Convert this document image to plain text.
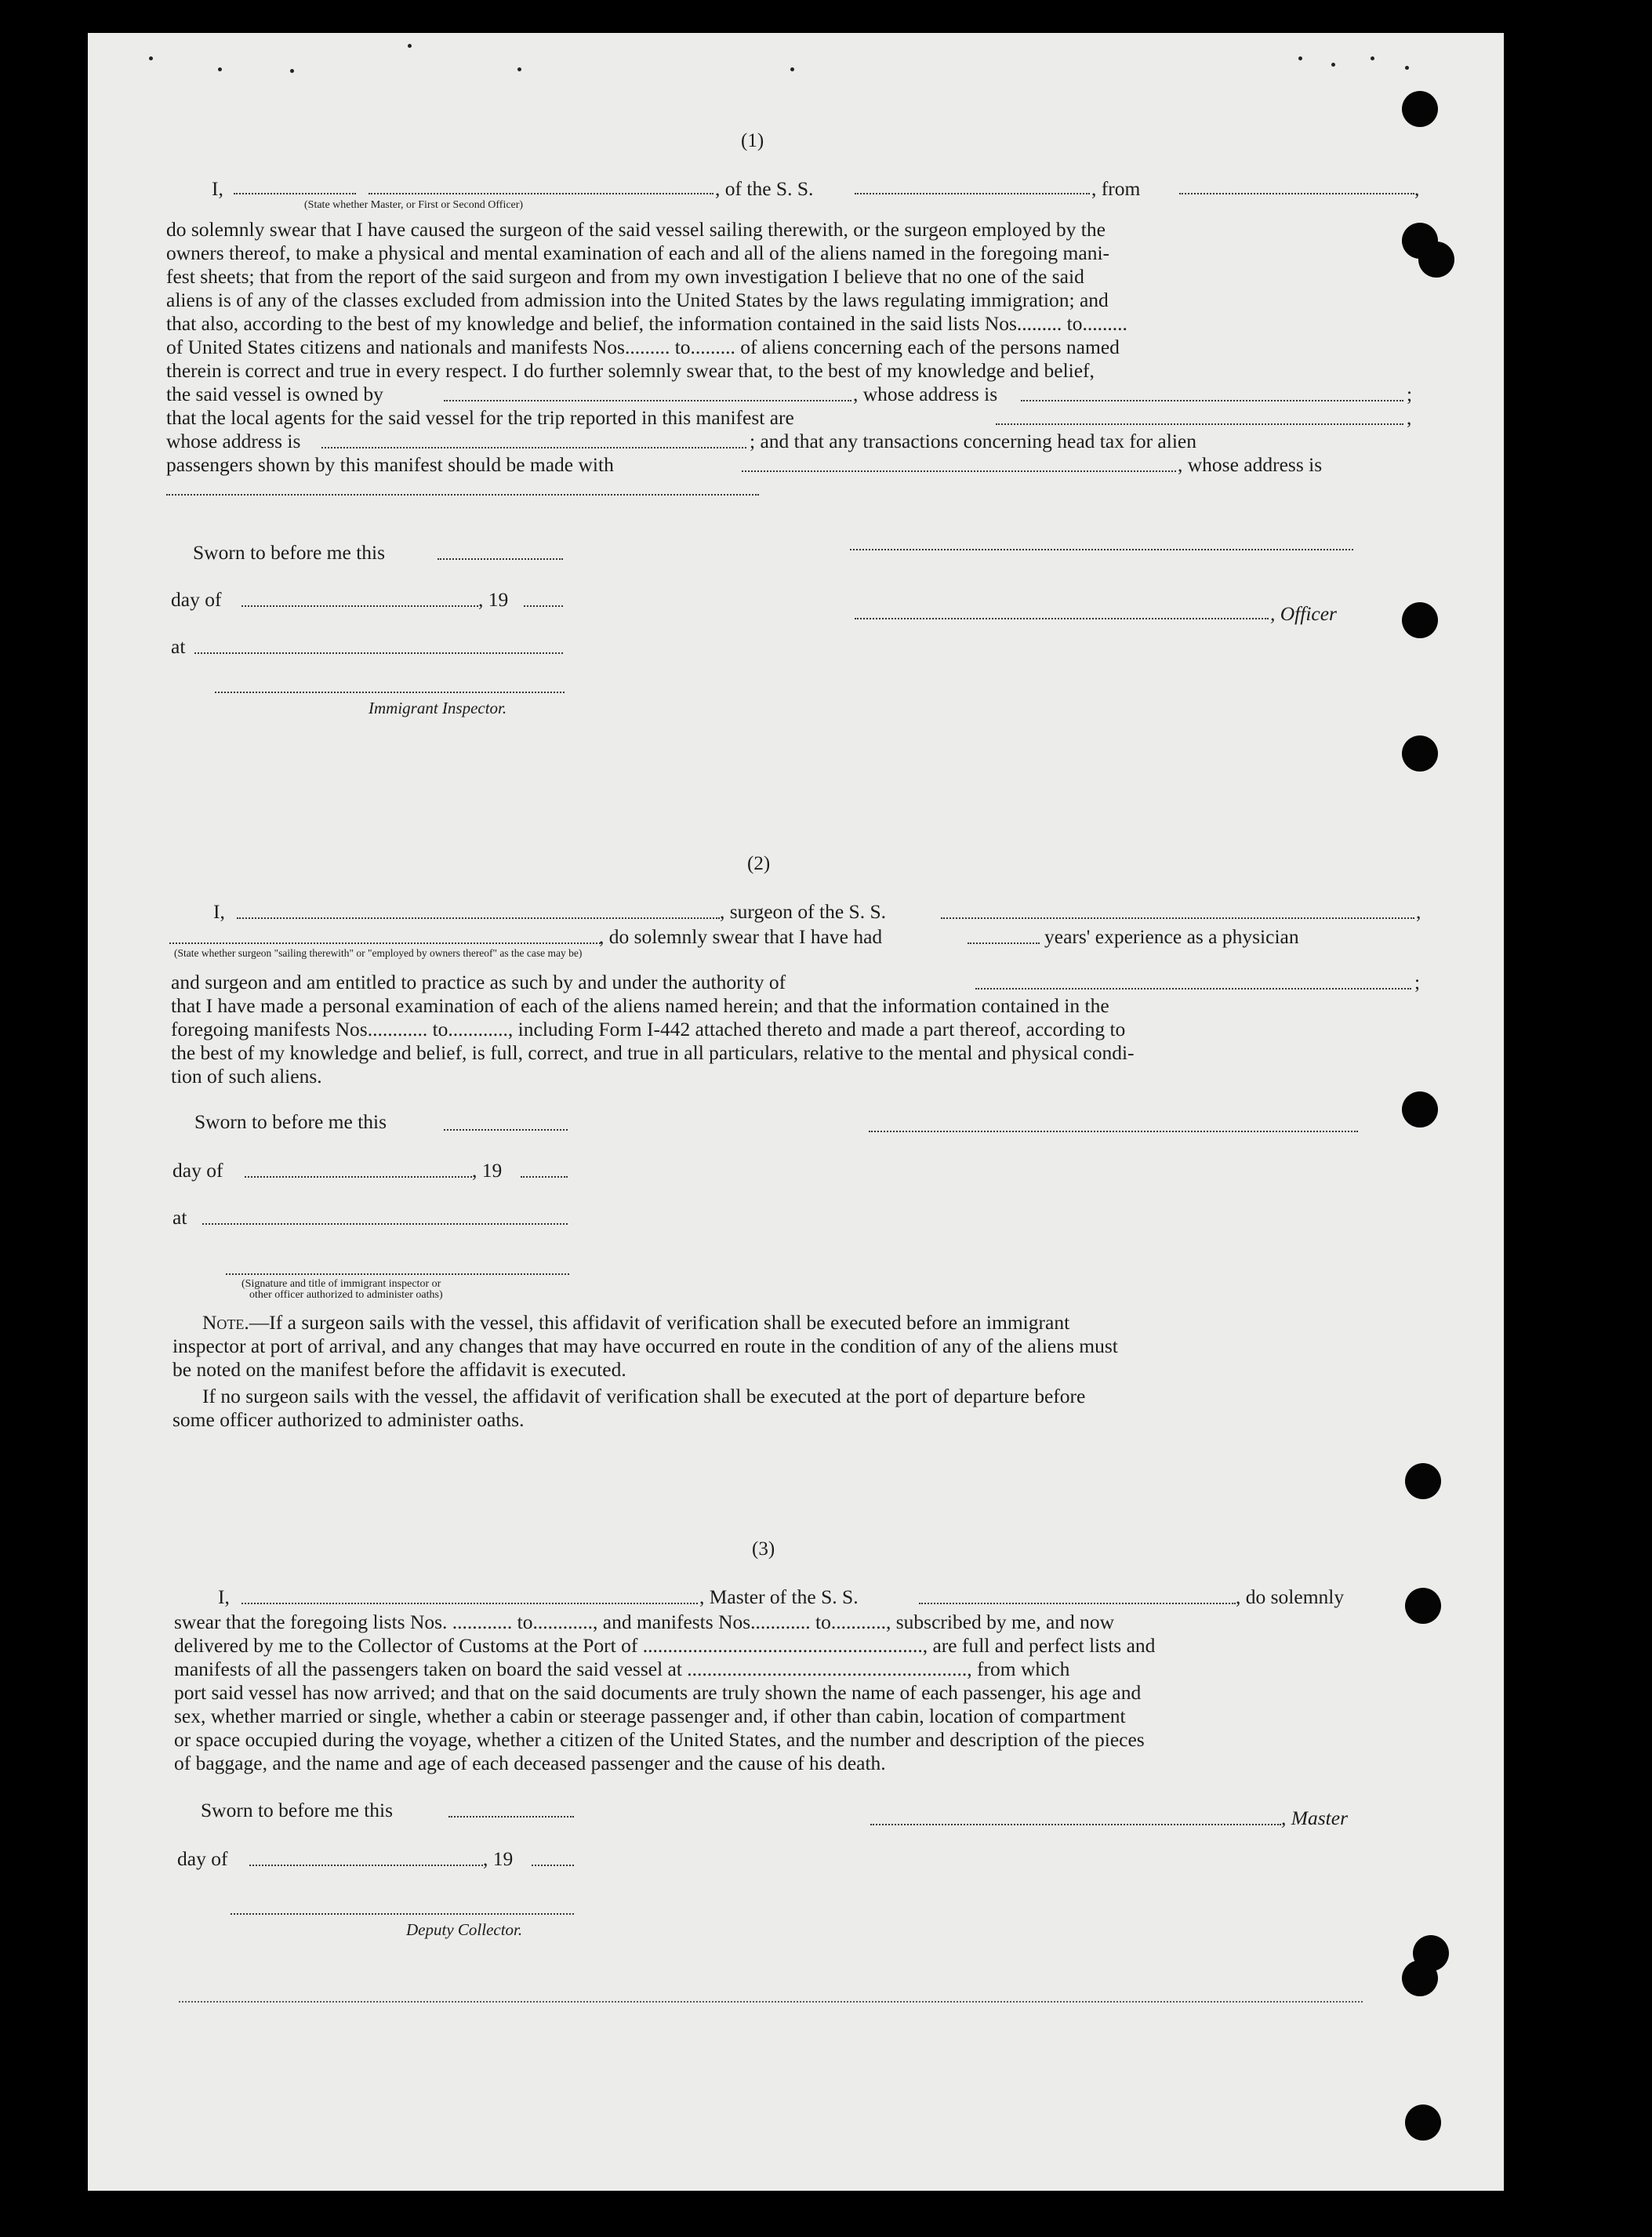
(1)
I,	, of the S. S.	, from	,
(State whether Master, or First or Second Officer)
do solemnly swear that I have caused the surgeon of the said vessel sailing therewith, or the surgeon employed by the
owners thereof, to make a physical and mental examination of each and all of the aliens named in the foregoing mani-
fest sheets; that from the report of the said surgeon and from my own investigation I believe that no one of the said
aliens is of any of the classes excluded from admission into the United States by the laws regulating immigration; and
that also, according to the best of my knowledge and belief, the information contained in the said lists Nos......... to.........
of United States citizens and nationals and manifests Nos......... to......... of aliens concerning each of the persons named
therein is correct and true in every respect. I do further solemnly swear that, to the best of my knowledge and belief,
the said vessel is owned by	, whose address is	;
that the local agents for the said vessel for the trip reported in this manifest are	,
whose address is	; and that any transactions concerning head tax for alien
passengers shown by this manifest should be made with	, whose address is
Sworn to before me this
day of	, 19
at
Immigrant Inspector.
, Officer
(2)
I,	, surgeon of the S. S.	,
, do solemnly swear that I have had	years' experience as a physician
(State whether surgeon "sailing therewith" or "employed by owners thereof" as the case may be)
and surgeon and am entitled to practice as such by and under the authority of	;
that I have made a personal examination of each of the aliens named herein; and that the information contained in the
foregoing manifests Nos............ to............, including Form I-442 attached thereto and made a part thereof, according to
the best of my knowledge and belief, is full, correct, and true in all particulars, relative to the mental and physical condi-
tion of such aliens.
Sworn to before me this
day of	, 19
at
(Signature and title of immigrant inspector or
other officer authorized to administer oaths)
Note.—If a surgeon sails with the vessel, this affidavit of verification shall be executed before an immigrant
inspector at port of arrival, and any changes that may have occurred en route in the condition of any of the aliens must
be noted on the manifest before the affidavit is executed.
If no surgeon sails with the vessel, the affidavit of verification shall be executed at the port of departure before
some officer authorized to administer oaths.
(3)
I,	, Master of the S. S.	, do solemnly
swear that the foregoing lists Nos. ............ to............, and manifests Nos............ to..........., subscribed by me, and now
delivered by me to the Collector of Customs at the Port of ........................................................, are full and perfect lists and
manifests of all the passengers taken on board the said vessel at ........................................................, from which
port said vessel has now arrived; and that on the said documents are truly shown the name of each passenger, his age and
sex, whether married or single, whether a cabin or steerage passenger and, if other than cabin, location of compartment
or space occupied during the voyage, whether a citizen of the United States, and the number and description of the pieces
of baggage, and the name and age of each deceased passenger and the cause of his death.
Sworn to before me this
day of	, 19
Deputy Collector.
, Master
